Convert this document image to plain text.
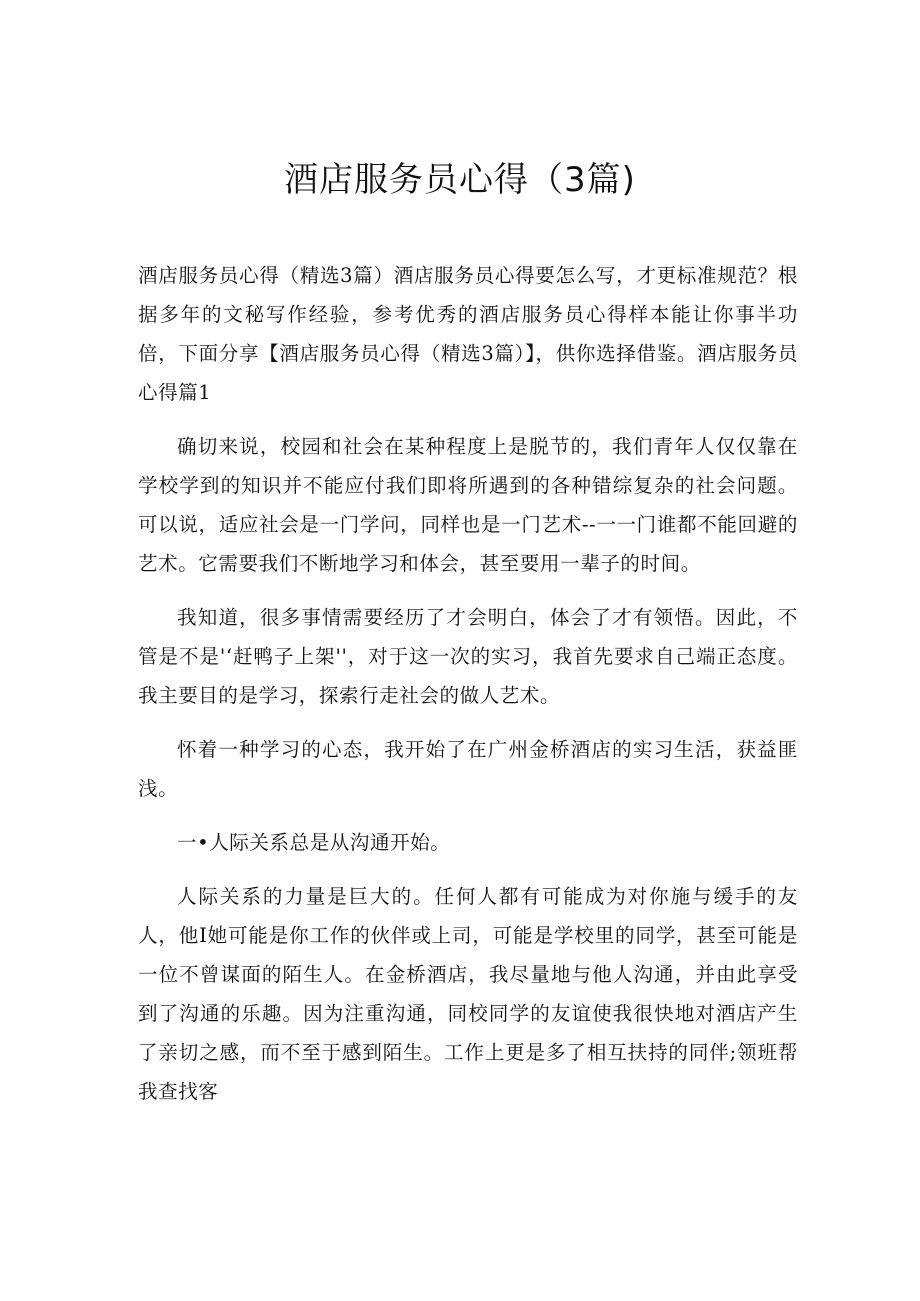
酒店服务员心得（3篇)

酒店服务员心得（精选3篇）酒店服务员心得要怎么写，才更标准规范？根据多年的文秘写作经验，参考优秀的酒店服务员心得样本能让你事半功倍，下面分享【酒店服务员心得（精选3篇）】，供你选择借鉴。酒店服务员心得篇1

确切来说，校园和社会在某种程度上是脱节的，我们青年人仅仅靠在学校学到的知识并不能应付我们即将所遇到的各种错综复杂的社会问题。可以说，适应社会是一门学问，同样也是一门艺术--一一门谁都不能回避的艺术。它需要我们不断地学习和体会，甚至要用一辈子的时间。

我知道，很多事情需要经历了才会明白，体会了才有领悟。因此，不管是不是'‘赶鸭子上架''，对于这一次的实习，我首先要求自己端正态度。我主要目的是学习，探索行走社会的做人艺术。

怀着一种学习的心态，我开始了在广州金桥酒店的实习生活，获益匪浅。

一•人际关系总是从沟通开始。

人际关系的力量是巨大的。任何人都有可能成为对你施与缓手的友人，他I她可能是你工作的伙伴或上司，可能是学校里的同学，甚至可能是一位不曾谋面的陌生人。在金桥酒店，我尽量地与他人沟通，并由此享受到了沟通的乐趣。因为注重沟通，同校同学的友谊使我很快地对酒店产生了亲切之感，而不至于感到陌生。工作上更是多了相互扶持的同伴;领班帮我查找客
